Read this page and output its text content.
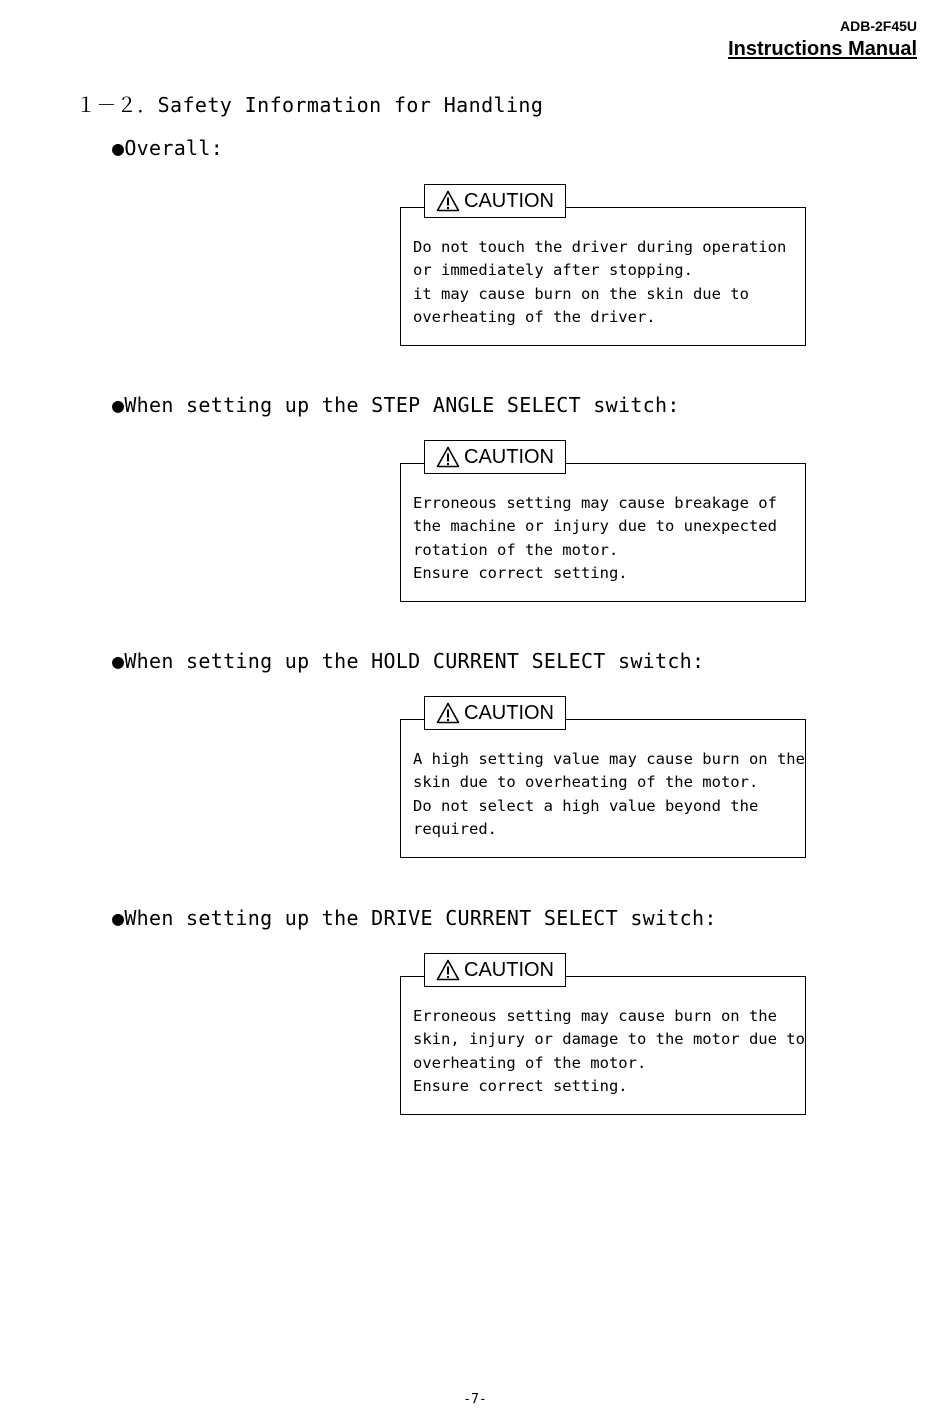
ADB-2F45U
Instructions Manual
１－２．Safety Information for Handling
●Overall:
CAUTION
Do not touch the driver during operation
or immediately after stopping.
it may cause burn on the skin due to
overheating of the driver.
●When setting up the STEP ANGLE SELECT switch:
CAUTION
Erroneous setting may cause breakage of
the machine or injury due to unexpected
rotation of the motor.
Ensure correct setting.
●When setting up the HOLD CURRENT SELECT switch:
CAUTION
A high setting value may cause burn on the
skin due to overheating of the motor.
Do not select a high value beyond the
required.
●When setting up the DRIVE CURRENT SELECT switch:
CAUTION
Erroneous setting may cause burn on the
skin, injury or damage to the motor due to
overheating of the motor.
Ensure correct setting.
-7-
